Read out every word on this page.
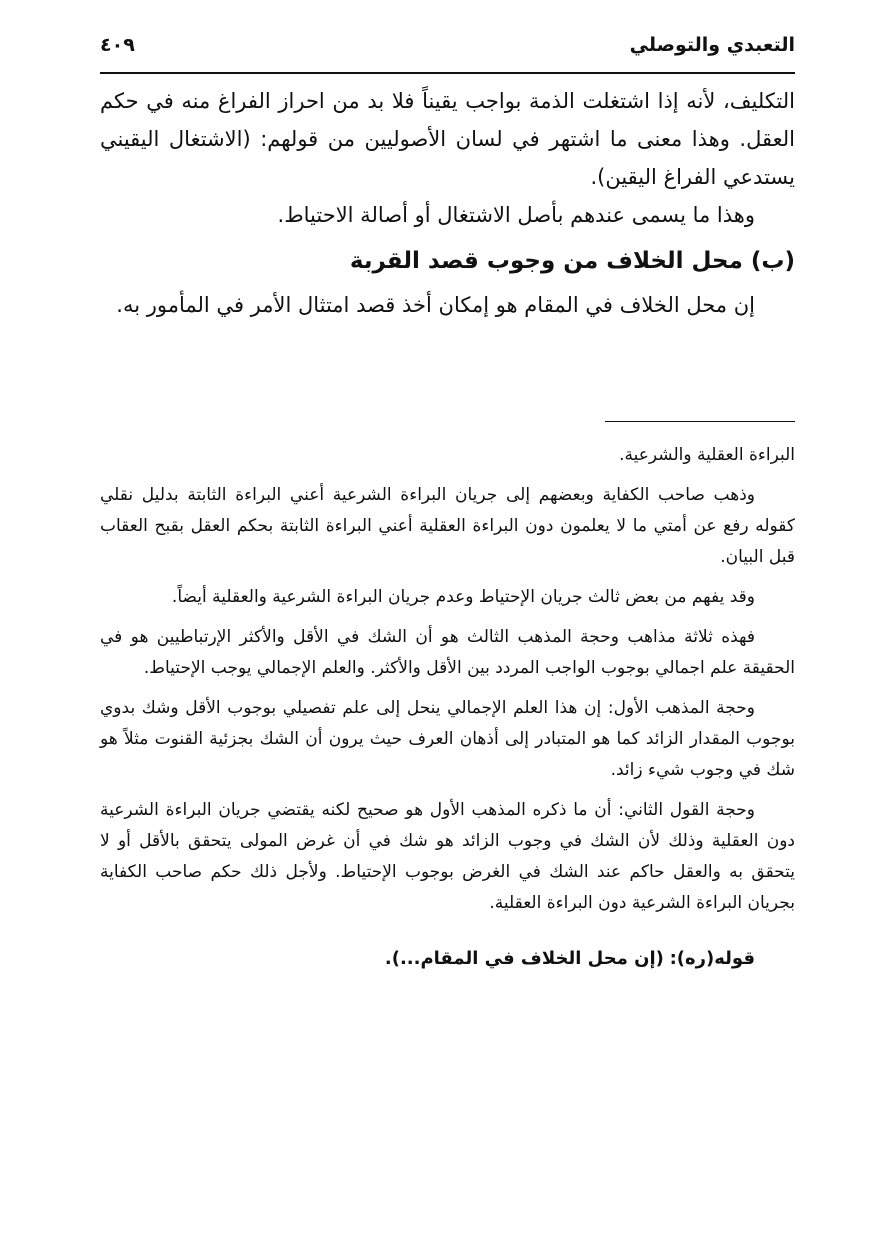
التعبدي والتوصلي
٤٠٩

التكليف، لأنه إذا اشتغلت الذمة بواجب يقيناً فلا بد من احراز الفراغ منه في حكم العقل. وهذا معنى ما اشتهر في لسان الأصوليين من قولهم: (الاشتغال اليقيني يستدعي الفراغ اليقين).

وهذا ما يسمى عندهم بأصل الاشتغال أو أصالة الاحتياط.

(ب) محل الخلاف من وجوب قصد القربة

إن محل الخلاف في المقام هو إمكان أخذ قصد امتثال الأمر في المأمور به.

البراءة العقلية والشرعية.

وذهب صاحب الكفاية وبعضهم إلى جريان البراءة الشرعية أعني البراءة الثابتة بدليل نقلي كقوله رفع عن أمتي ما لا يعلمون دون البراءة العقلية أعني البراءة الثابتة بحكم العقل بقبح العقاب قبل البيان.

وقد يفهم من بعض ثالث جريان الإحتياط وعدم جريان البراءة الشرعية والعقلية أيضاً.

فهذه ثلاثة مذاهب وحجة المذهب الثالث هو أن الشك في الأقل والأكثر الإرتباطيين هو في الحقيقة علم اجمالي بوجوب الواجب المردد بين الأقل والأكثر. والعلم الإجمالي يوجب الإحتياط.

وحجة المذهب الأول: إن هذا العلم الإجمالي ينحل إلى علم تفصيلي بوجوب الأقل وشك بدوي بوجوب المقدار الزائد كما هو المتبادر إلى أذهان العرف حيث يرون أن الشك بجزئية القنوت مثلاً هو شك في وجوب شيء زائد.

وحجة القول الثاني: أن ما ذكره المذهب الأول هو صحيح لكنه يقتضي جريان البراءة الشرعية دون العقلية وذلك لأن الشك في وجوب الزائد هو شك في أن غرض المولى يتحقق بالأقل أو لا يتحقق به والعقل حاكم عند الشك في الغرض بوجوب الإحتياط. ولأجل ذلك حكم صاحب الكفاية بجريان البراءة الشرعية دون البراءة العقلية.

قوله(ره): (إن محل الخلاف في المقام...).
